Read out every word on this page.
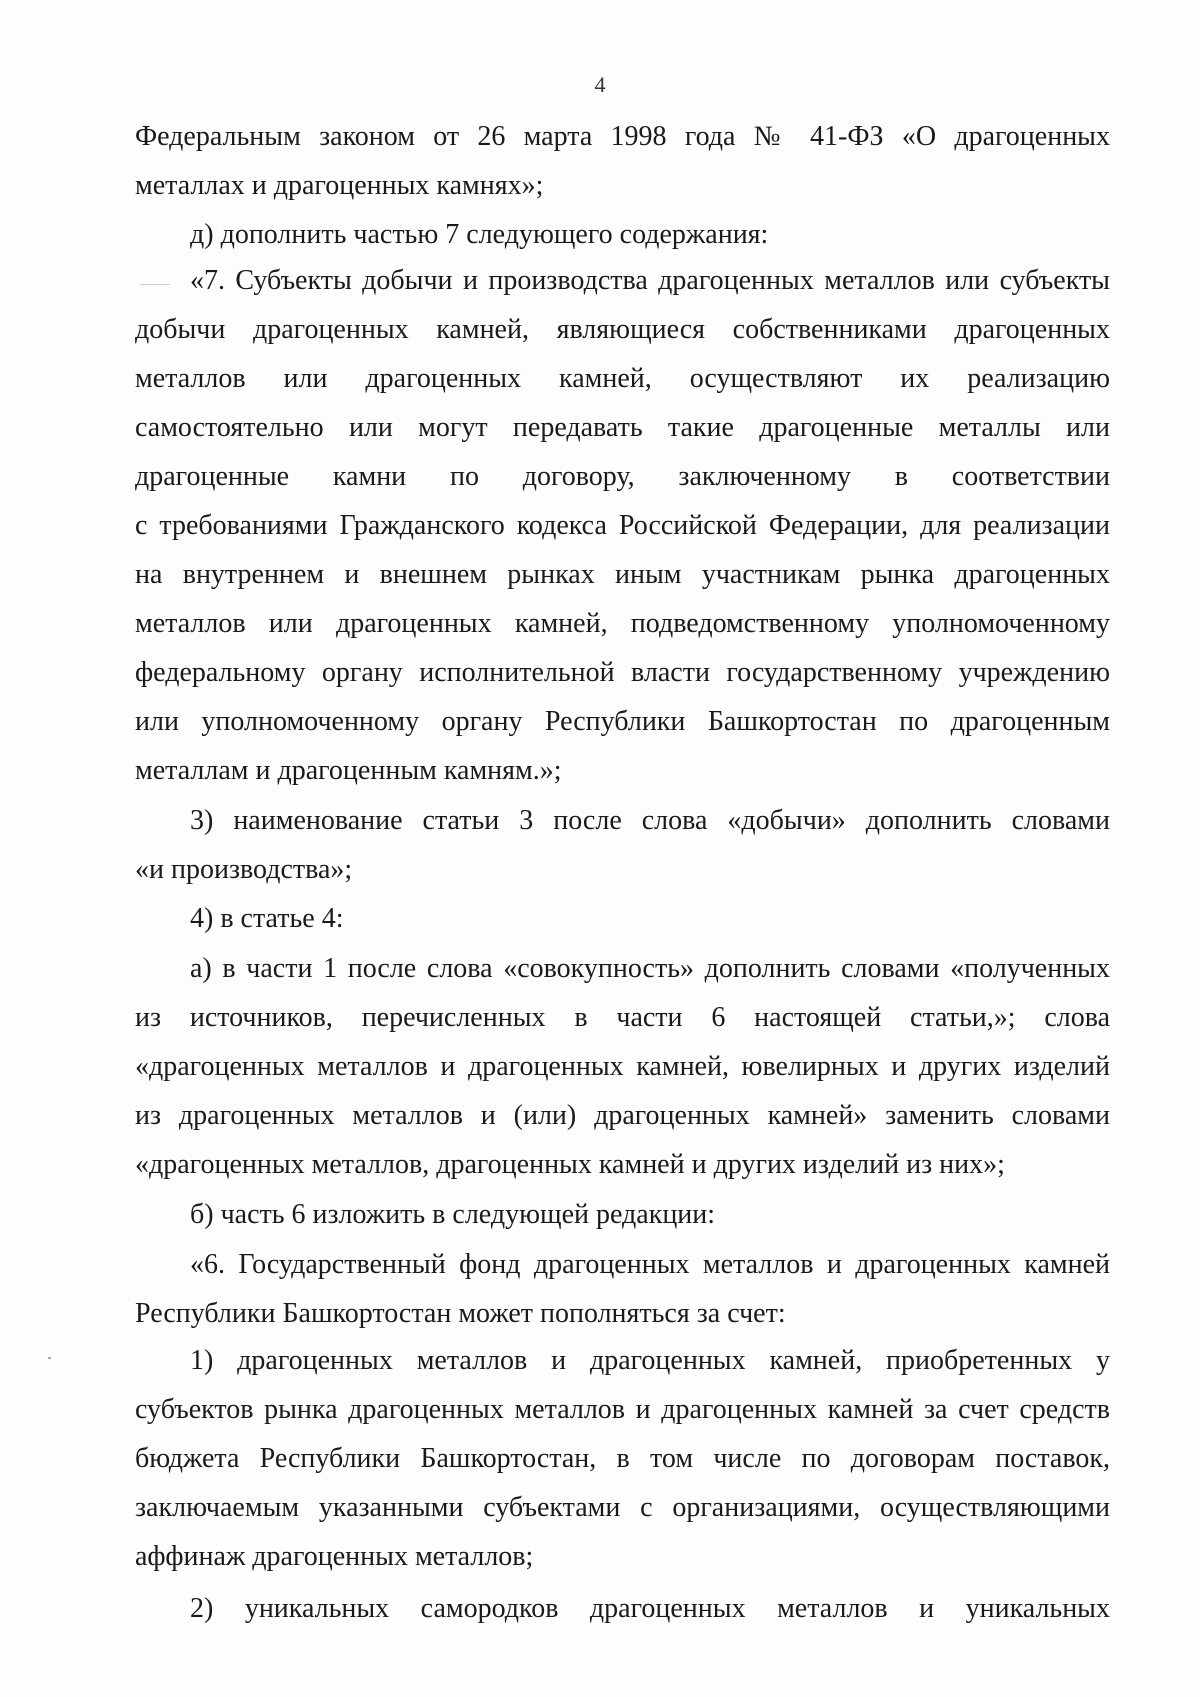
4
Федеральным законом от 26 марта 1998 года № 41-ФЗ «О драгоценных
металлах и драгоценных камнях»;
д) дополнить частью 7 следующего содержания:
«7. Субъекты добычи и производства драгоценных металлов или субъекты
добычи драгоценных камней, являющиеся собственниками драгоценных
металлов или драгоценных камней, осуществляют их реализацию
самостоятельно или могут передавать такие драгоценные металлы или
драгоценные камни по договору, заключенному в соответствии
с требованиями Гражданского кодекса Российской Федерации, для реализации
на внутреннем и внешнем рынках иным участникам рынка драгоценных
металлов или драгоценных камней, подведомственному уполномоченному
федеральному органу исполнительной власти государственному учреждению
или уполномоченному органу Республики Башкортостан по драгоценным
металлам и драгоценным камням.»;
3) наименование статьи 3 после слова «добычи» дополнить словами
«и производства»;
4) в статье 4:
а) в части 1 после слова «совокупность» дополнить словами «полученных
из источников, перечисленных в части 6 настоящей статьи,»; слова
«драгоценных металлов и драгоценных камней, ювелирных и других изделий
из драгоценных металлов и (или) драгоценных камней» заменить словами
«драгоценных металлов, драгоценных камней и других изделий из них»;
б) часть 6 изложить в следующей редакции:
«6. Государственный фонд драгоценных металлов и драгоценных камней
Республики Башкортостан может пополняться за счет:
1) драгоценных металлов и драгоценных камней, приобретенных у
субъектов рынка драгоценных металлов и драгоценных камней за счет средств
бюджета Республики Башкортостан, в том числе по договорам поставок,
заключаемым указанными субъектами с организациями, осуществляющими
аффинаж драгоценных металлов;
2) уникальных самородков драгоценных металлов и уникальных
